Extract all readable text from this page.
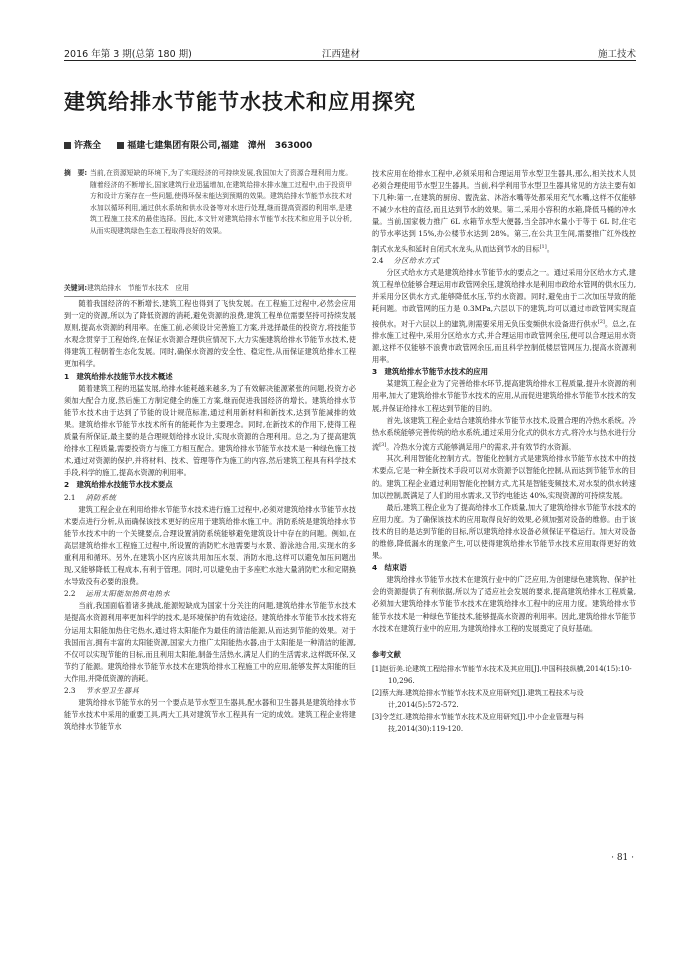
2016 年第 3 期(总第 180 期)	江西建材	施工技术
建筑给排水节能节水技术和应用探究
许燕全	福建七建集团有限公司,福建　漳州　363000
摘　要: 当前,在资源短缺的环境下,为了实现经济的可持续发展,我国加大了资源合理利用力度。随着经济的不断增长,国家建筑行业迅猛增加,在建筑给排水排水施工过程中,由于投资甲方和设计方案存在一些问题,使得环保未能达到预期的效果。建筑给排水节能节水技术对水加以循环利用,通过供水系统和供水设备等对水进行处理,继而提高资源的利用率,是建筑工程施工技术的最佳选择。因此,本文针对建筑给排水节能节水技术和应用予以分析,从而实现建筑绿色生态工程取得良好的效果。
关键词:建筑给排水　节能节水技术　应用

随着我国经济的不断增长,建筑工程也得到了飞快发展。在工程施工过程中,必然会应用到一定的资源,所以为了降低资源的消耗,避免资源的浪费,建筑工程单位需要坚持可持续发展原则,提高水资源的利用率。在施工前,必须设计完善施工方案,并选择最佳的投资方,将技能节水观念贯穿于工程始终,在保证水资源合理供应情况下,大力实施建筑给排水节能节水技术,使得建筑工程朝着生态化发展。同时,确保水资源的安全性、稳定性,从而保证建筑给排水工程更加科学。

1　建筑给排水技能节水技术概述

随着建筑工程的迅猛发展,给排水能耗越来越多,为了有效解决能源紧张的问题,投资方必须加大配合力度,然后施工方制定健全的施工方案,继而促进我国经济的增长。建筑给排水节能节水技术由于达到了节能的设计规范标准,通过利用新材料和新技术,达到节能减排的效果。建筑给排水节能节水技术所有的能耗作为主要理念。同时,在新技术的作用下,使得工程质量有所保证,最主要的是合理规划给排水设计,实现水资源的合理利用。总之,为了提高建筑给排水工程质量,需要投资方与施工方相互配合。建筑给排水节能节水技术是一种绿色施工技术,通过对资源的保护,并将材料、技术、管理等作为施工的内容,然后建筑工程具有科学技术手段,科学的施工,提高水资源的利用率。

2　建筑给排水技能节水技术要点

2.1 消防系统

建筑工程企业在利用给排水节能节水技术进行施工过程中,必须对建筑给排水节能节水技术要点进行分析,从而确保该技术更好的应用于建筑给排水施工中。消防系统是建筑给排水节能节水技术中的一个关键要点,合理设置消防系统能够避免建筑设计中存在的问题。例如,在高层建筑给排水工程施工过程中,所设置的消防贮水池需要与水景、游泳池合用,实现水的多重利用和循环。另外,在建筑小区内应该共用加压水泵、消防水池,这样可以避免加压问题出现,又能够降低工程成本,有利于管理。同时,可以避免由于多座贮水池大量消防贮水和定期换水导致没有必要的浪费。

2.2 运用太阳能加热供电热水

当前,我国面临着诸多挑战,能源短缺成为国家十分关注的问题,建筑给排水节能节水技术是提高水资源利用率更加科学的技术,是环境保护的有效途径。建筑给排水节能节水技术将充分运用太阳能加热住宅热水,通过将太阳能作为最佳的清洁能源,从而达到节能的效果。对于我国而言,拥有丰富的太阳能资源,国家大力推广太阳能热水器,由于太阳能是一种清洁的能源,不仅可以实现节能的目标,而且利用太阳能,制备生活热水,满足人们的生活需求,这样既环保,又节约了能源。建筑给排水节能节水技术在建筑给排水工程施工中的应用,能够发挥太阳能的巨大作用,并降低资源的消耗。

2.3 节水型卫生器具

建筑给排水节能节水的另一个要点是节水型卫生器具,配水器和卫生器具是建筑给排水节能节水技术中采用的重要工具,两大工具对建筑节水工程具有一定的成效。建筑工程企业将建筑给排水节能节水

技术应用在给排水工程中,必须采用和合理运用节水型卫生器具,那么,相关技术人员必须合理使用节水型卫生器具。当前,科学利用节水型卫生器具常见的方法主要有如下几种:第一,在建筑的厨房、盥洗盆、沐浴水嘴等处都采用充气水嘴,这样不仅能够不减少水柱的直径,而且达到节水的效果。第二,采用小容积的水箱,降低马桶的冲水量。当前,国家极力推广 6L 水箱节水型大便器,当全部冲水量小于等于 6L 时,住宅的节水率达到 15%,办公楼节水达到 28%。第三,在公共卫生间,需要推广红外线控制式水龙头和延时自闭式水龙头,从而达到节水的目标[1]。

2.4 分区给水方式

分区式给水方式是建筑给排水节能节水的要点之一。通过采用分区给水方式,建筑工程单位能够合理运用市政管网余压,建筑给排水是利用市政给水管网的供水压力,并采用分区供水方式,能够降低水压,节约水资源。同时,避免由于二次加压导致的能耗问题。市政管网的压力是 0.3MPa,六层以下的建筑,均可以通过市政管网实现直接供水。对于六层以上的建筑,则需要采用无负压变频供水设备进行供水[2]。总之,在排水施工过程中,采用分区给水方式,并合理运用市政管网余压,便可以合理运用水资源,这样不仅能够不浪费市政管网余压,而且科学控制低楼层管网压力,提高水资源利用率。

3　建筑给排水节能节水技术的应用

某建筑工程企业为了完善给排水环节,提高建筑给排水工程质量,提升水资源的利用率,加大了建筑给排水节能节水技术的应用,从而促进建筑给排水节能节水技术的发展,并保证给排水工程达到节能的目的。

首先,该建筑工程企业结合建筑给排水节能节水技术,设置合理的冷热水系统。冷热水系统能够完善传统的给水系统,通过采用分化式的供水方式,将冷水与热水进行分流[3]。冷热水分流方式能够满足用户的需求,并有效节约水资源。

其次,利用智能化控制方式。智能化控制方式是建筑给排水节能节水技术中的技术要点,它是一种全新技术手段可以对水资源予以智能化控制,从而达到节能节水的目的。建筑工程企业通过利用智能化控制方式,尤其是智能变频技术,对水泵的供水转速加以控制,既满足了人们的用水需求,又节约电能达 40%,实现资源的可持续发展。

最后,建筑工程企业为了提高给排水工作质量,加大了建筑给排水节能节水技术的应用力度。为了确保该技术的应用取得良好的效果,必须加强对设备的维修。由于该技术的目的是达到节能的目标,所以建筑给排水设备必须保证平稳运行。加大对设备的维修,降低漏水的现象产生,可以使得建筑给排水节能节水技术应用取得更好的效果。

4　结束语

建筑给排水节能节水技术在建筑行业中的广泛应用,为创建绿色建筑物、保护社会的资源提供了有利依据,所以为了适应社会发展的要求,提高建筑给排水工程质量,必须加大建筑给排水节能节水技术在建筑给排水工程中的应用力度。建筑给排水节能节水技术是一种绿色节能技术,能够提高水资源的利用率。因此,建筑给排水节能节水技术在建筑行业中的应用,为建筑给排水工程的发展奠定了良好基础。

参考文献
[1]赵衍美.论建筑工程给排水节能节水技术及其应用[J].中国科技纵横,2014(15):10-10,296.
[2]蔡大海.建筑给排水节能节水技术及应用研究[J].建筑工程技术与设计,2014(5):572-572.
[3]令芝红.建筑给排水节能节水技术及应用研究[J].中小企业管理与科技,2014(30):119-120.
· 81 ·
